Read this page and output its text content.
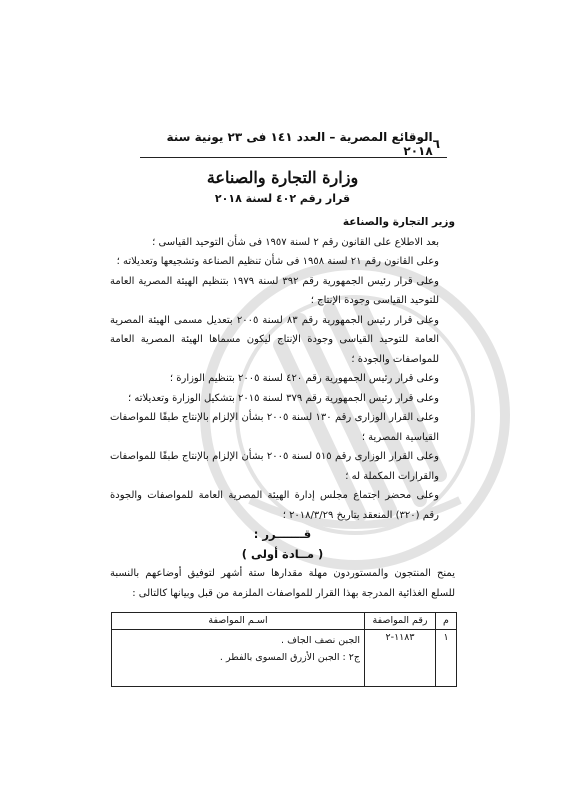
٦
الوقائع المصرية – العدد ١٤١ فى ٢٣ يونية سنة ٢٠١٨
وزارة التجارة والصناعة
قرار رقم ٤٠٢ لسنة ٢٠١٨

وزير التجارة والصناعة

بعد الاطلاع على القانون رقم ٢ لسنة ١٩٥٧ فى شأن التوحيد القياسى ؛

وعلى القانون رقم ٢١ لسنة ١٩٥٨ فى شأن تنظيم الصناعة وتشجيعها وتعديلاته ؛

وعلى قرار رئيس الجمهورية رقم ٣٩٢ لسنة ١٩٧٩ بتنظيم الهيئة المصرية العامة للتوحيد القياسى وجودة الإنتاج ؛

وعلى قرار رئيس الجمهورية رقم ٨٣ لسنة ٢٠٠٥ بتعديل مسمى الهيئة المصرية العامة للتوحيد القياسى وجودة الإنتاج ليكون مسماها الهيئة المصرية العامة للمواصفات والجودة ؛

وعلى قرار رئيس الجمهورية رقم ٤٢٠ لسنة ٢٠٠٥ بتنظيم الوزارة ؛

وعلى قرار رئيس الجمهورية رقم ٣٧٩ لسنة ٢٠١٥ بتشكيل الوزارة وتعديلاته ؛

وعلى القرار الوزارى رقم ١٣٠ لسنة ٢٠٠٥ بشأن الإلزام بالإنتاج طبقًا للمواصفات القياسية المصرية ؛

وعلى القرار الوزارى رقم ٥١٥ لسنة ٢٠٠٥ بشأن الإلزام بالإنتاج طبقًا للمواصفات والقرارات المكملة له ؛

وعلى محضر اجتماع مجلس إدارة الهيئة المصرية العامة للمواصفات والجودة رقم (٣٢٠) المنعقد بتاريخ ٢٠١٨/٣/٢٩ ؛

قـــــــرر :

( مــادة أولى )

يمنح المنتجون والمستوردون مهلة مقدارها ستة أشهر لتوفيق أوضاعهم بالنسبة للسلع الغذائية المدرجة بهذا القرار للمواصفات الملزمة من قبل وبيانها كالتالى :

م	رقم المواصفة	اسـم المواصفة
١	١١٨٣-٢	الجبن نصف الجاف .
ج٢ : الجبن الأزرق المسوى بالفطر .
